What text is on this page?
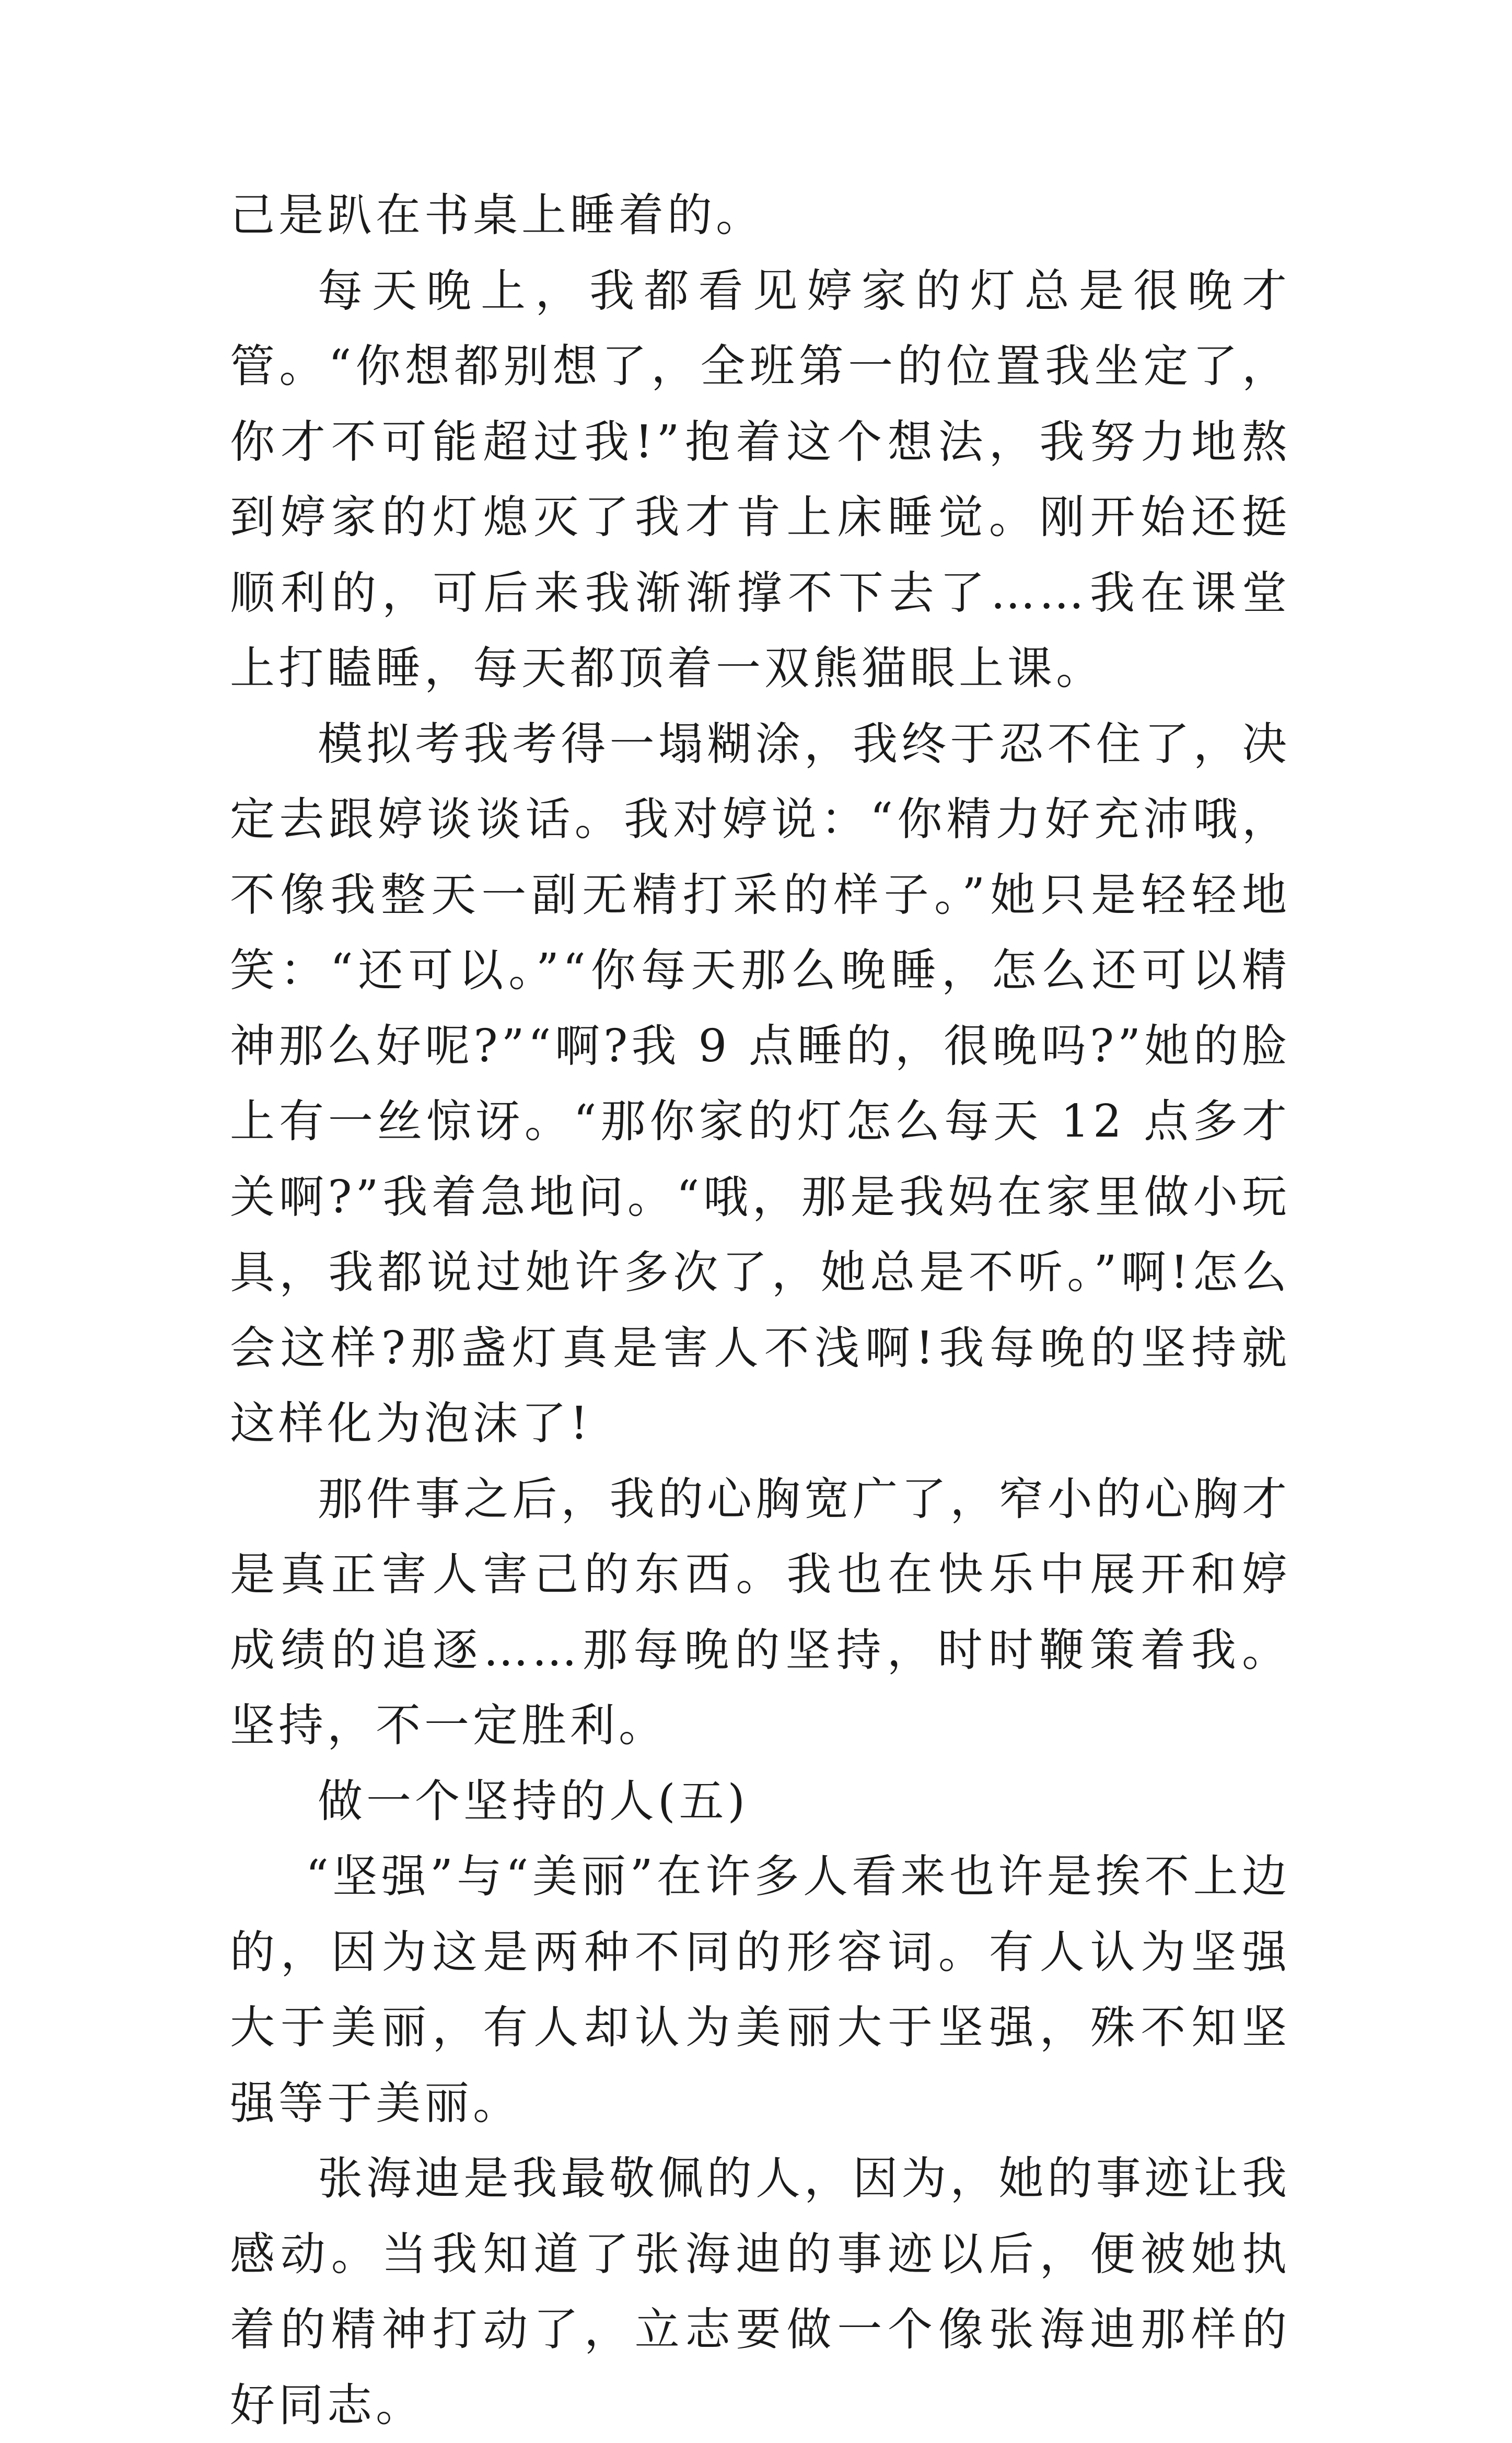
己是趴在书桌上睡着的。

每天晚上，我都看见婷家的灯总是很晚才管。“你想都别想了，全班第一的位置我坐定了，你才不可能超过我!”抱着这个想法，我努力地熬到婷家的灯熄灭了我才肯上床睡觉。刚开始还挺顺利的，可后来我渐渐撑不下去了……我在课堂上打瞌睡，每天都顶着一双熊猫眼上课。

模拟考我考得一塌糊涂，我终于忍不住了，决定去跟婷谈谈话。我对婷说：“你精力好充沛哦，不像我整天一副无精打采的样子。”她只是轻轻地笑：“还可以。”“你每天那么晚睡，怎么还可以精神那么好呢?”“啊?我 9 点睡的，很晚吗?”她的脸上有一丝惊讶。“那你家的灯怎么每天 12 点多才关啊?”我着急地问。“哦，那是我妈在家里做小玩具，我都说过她许多次了，她总是不听。”啊!怎么会这样?那盏灯真是害人不浅啊!我每晚的坚持就这样化为泡沫了!

那件事之后，我的心胸宽广了，窄小的心胸才是真正害人害己的东西。我也在快乐中展开和婷成绩的追逐……那每晚的坚持，时时鞭策着我。坚持，不一定胜利。

做一个坚持的人(五)

“坚强”与“美丽”在许多人看来也许是挨不上边的，因为这是两种不同的形容词。有人认为坚强大于美丽，有人却认为美丽大于坚强，殊不知坚强等于美丽。

张海迪是我最敬佩的人，因为，她的事迹让我感动。当我知道了张海迪的事迹以后，便被她执着的精神打动了，立志要做一个像张海迪那样的好同志。
